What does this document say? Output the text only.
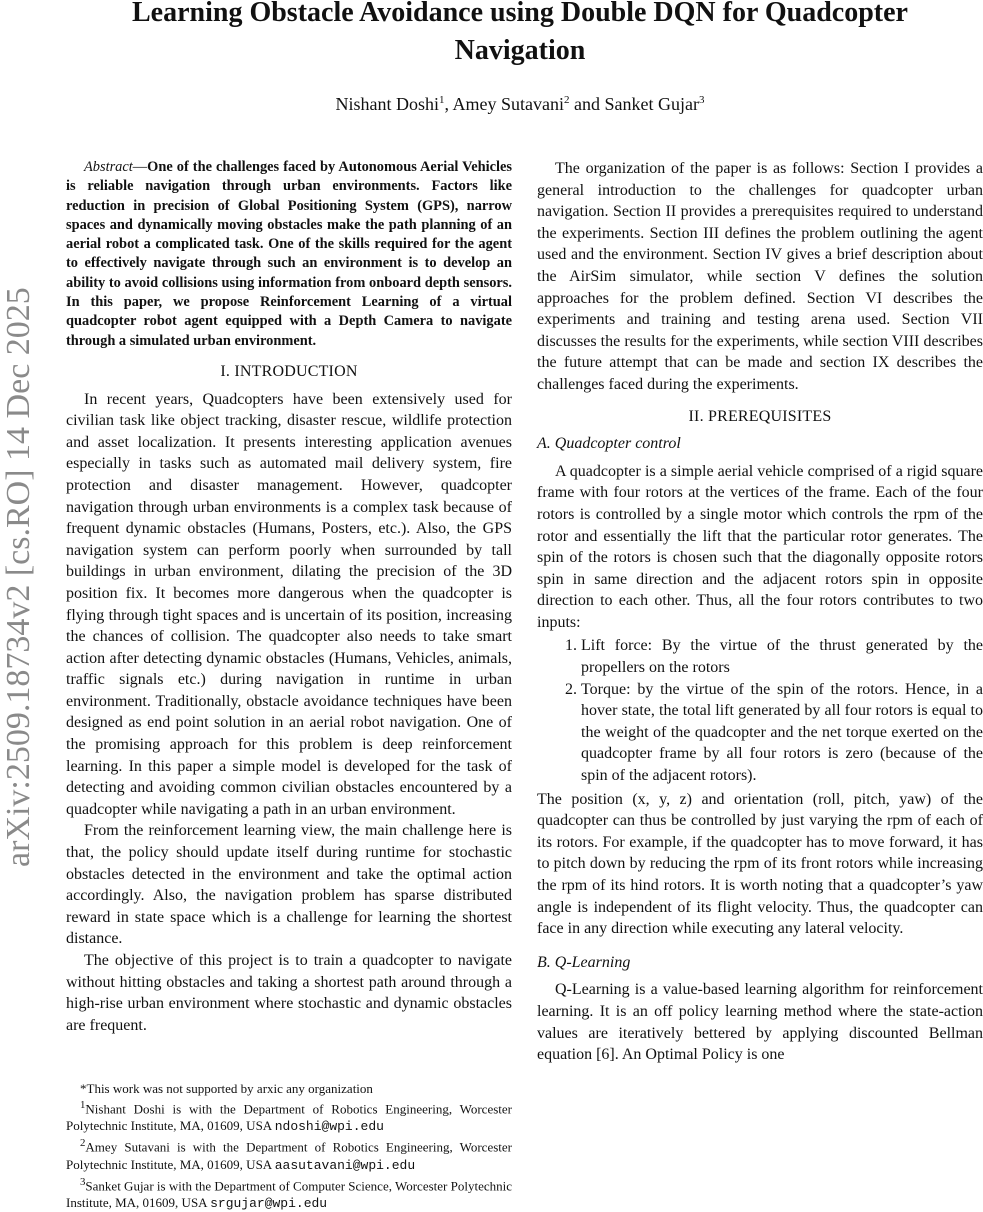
Learning Obstacle Avoidance using Double DQN for Quadcopter Navigation
Nishant Doshi$^1$, Amey Sutavani$^2$ and Sanket Gujar$^3$
arXiv:2509.18734v2 [cs.RO] 14 Dec 2025

Abstract—One of the challenges faced by Autonomous Aerial Vehicles is reliable navigation through urban environments. Factors like reduction in precision of Global Positioning System (GPS), narrow spaces and dynamically moving obstacles make the path planning of an aerial robot a complicated task. One of the skills required for the agent to effectively navigate through such an environment is to develop an ability to avoid collisions using information from onboard depth sensors. In this paper, we propose Reinforcement Learning of a virtual quadcopter robot agent equipped with a Depth Camera to navigate through a simulated urban environment.

I. INTRODUCTION

In recent years, Quadcopters have been extensively used for civilian task like object tracking, disaster rescue, wildlife protection and asset localization. It presents interesting application avenues especially in tasks such as automated mail delivery system, fire protection and disaster management. However, quadcopter navigation through urban environments is a complex task because of frequent dynamic obstacles (Humans, Posters, etc.). Also, the GPS navigation system can perform poorly when surrounded by tall buildings in urban environment, dilating the precision of the 3D position fix. It becomes more dangerous when the quadcopter is flying through tight spaces and is uncertain of its position, increasing the chances of collision. The quadcopter also needs to take smart action after detecting dynamic obstacles (Humans, Vehicles, animals, traffic signals etc.) during navigation in runtime in urban environment. Traditionally, obstacle avoidance techniques have been designed as end point solution in an aerial robot navigation. One of the promising approach for this problem is deep reinforcement learning. In this paper a simple model is developed for the task of detecting and avoiding common civilian obstacles encountered by a quadcopter while navigating a path in an urban environment.

From the reinforcement learning view, the main challenge here is that, the policy should update itself during runtime for stochastic obstacles detected in the environment and take the optimal action accordingly. Also, the navigation problem has sparse distributed reward in state space which is a challenge for learning the shortest distance.

The objective of this project is to train a quadcopter to navigate without hitting obstacles and taking a shortest path around through a high-rise urban environment where stochastic and dynamic obstacles are frequent.

The organization of the paper is as follows: Section I provides a general introduction to the challenges for quadcopter urban navigation. Section II provides a prerequisites required to understand the experiments. Section III defines the problem outlining the agent used and the environment. Section IV gives a brief description about the AirSim simulator, while section V defines the solution approaches for the problem defined. Section VI describes the experiments and training and testing arena used. Section VII discusses the results for the experiments, while section VIII describes the future attempt that can be made and section IX describes the challenges faced during the experiments.

II. PREREQUISITES
A. Quadcopter control

A quadcopter is a simple aerial vehicle comprised of a rigid square frame with four rotors at the vertices of the frame. Each of the four rotors is controlled by a single motor which controls the rpm of the rotor and essentially the lift that the particular rotor generates. The spin of the rotors is chosen such that the diagonally opposite rotors spin in same direction and the adjacent rotors spin in opposite direction to each other. Thus, all the four rotors contributes to two inputs:

1. Lift force: By the virtue of the thrust generated by the propellers on the rotors
2. Torque: by the virtue of the spin of the rotors. Hence, in a hover state, the total lift generated by all four rotors is equal to the weight of the quadcopter and the net torque exerted on the quadcopter frame by all four rotors is zero (because of the spin of the adjacent rotors).

The position (x, y, z) and orientation (roll, pitch, yaw) of the quadcopter can thus be controlled by just varying the rpm of each of its rotors. For example, if the quadcopter has to move forward, it has to pitch down by reducing the rpm of its front rotors while increasing the rpm of its hind rotors. It is worth noting that a quadcopter’s yaw angle is independent of its flight velocity. Thus, the quadcopter can face in any direction while executing any lateral velocity.

B. Q-Learning

Q-Learning is a value-based learning algorithm for reinforcement learning. It is an off policy learning method where the state-action values are iteratively bettered by applying discounted Bellman equation [6]. An Optimal Policy is one

*This work was not supported by arxic any organization

$^1$Nishant Doshi is with the Department of Robotics Engineering, Worcester Polytechnic Institute, MA, 01609, USA ndoshi@wpi.edu

$^2$Amey Sutavani is with the Department of Robotics Engineering, Worcester Polytechnic Institute, MA, 01609, USA aasutavani@wpi.edu

$^3$Sanket Gujar is with the Department of Computer Science, Worcester Polytechnic Institute, MA, 01609, USA srgujar@wpi.edu
